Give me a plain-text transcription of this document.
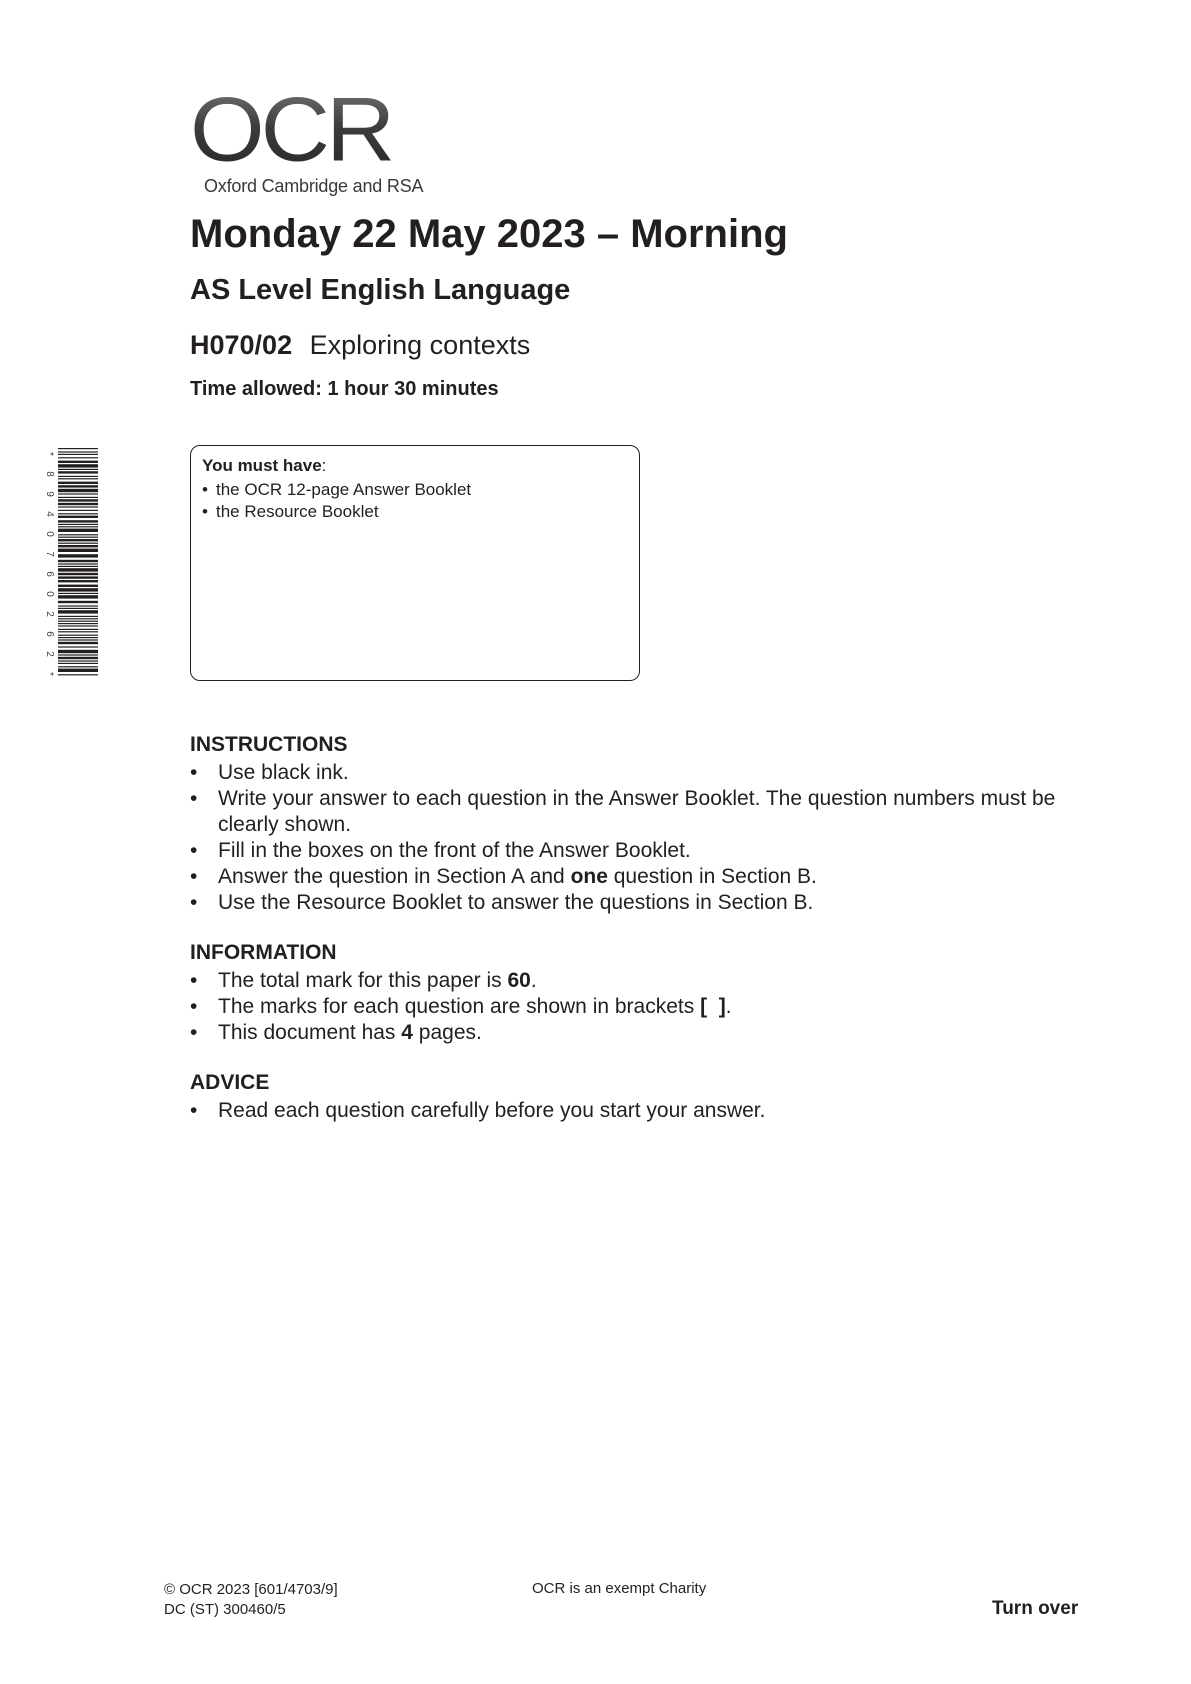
OCR
Oxford Cambridge and RSA
Monday 22 May 2023 – Morning
AS Level English Language
H070/02 Exploring contexts
Time allowed: 1 hour 30 minutes
*
8
9
4
0
7
6
0
2
6
2
*
You must have:
• the OCR 12-page Answer Booklet
• the Resource Booklet
INSTRUCTIONS
• Use black ink.
• Write your answer to each question in the Answer Booklet. The question numbers must be clearly shown.
• Fill in the boxes on the front of the Answer Booklet.
• Answer the question in Section A and one question in Section B.
• Use the Resource Booklet to answer the questions in Section B.
INFORMATION
• The total mark for this paper is 60.
• The marks for each question are shown in brackets [  ].
• This document has 4 pages.
ADVICE
• Read each question carefully before you start your answer.
© OCR 2023 [601/4703/9]
DC (ST) 300460/5
OCR is an exempt Charity
Turn over
